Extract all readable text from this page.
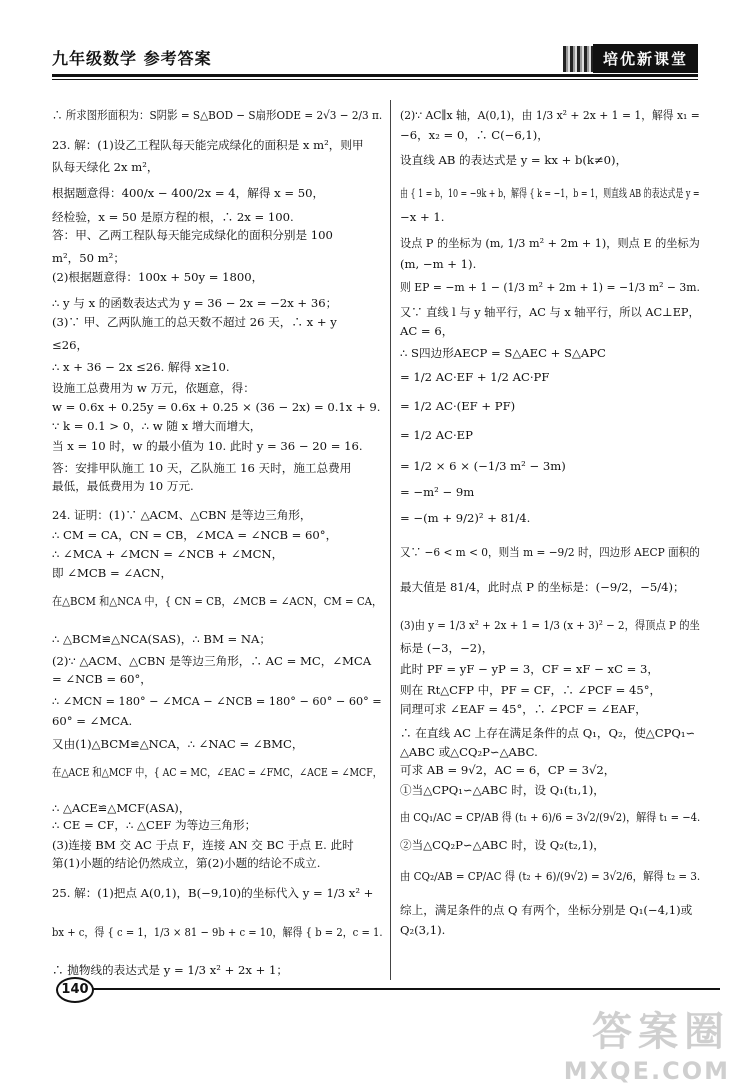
九年级数学 参考答案	培优新课堂
∴ 所求图形面积为：S阴影 = S△BOD − S扇形ODE = 2√3 − 2/3 π.
23. 解：(1)设乙工程队每天能完成绿化的面积是 x m²，则甲
队每天绿化 2x m²，
根据题意得：400/x − 400/2x = 4，解得 x = 50，
经检验，x = 50 是原方程的根，∴ 2x = 100.
答：甲、乙两工程队每天能完成绿化的面积分别是 100
m²，50 m²；
(2)根据题意得：100x + 50y = 1800，
∴ y 与 x 的函数表达式为 y = 36 − 2x = −2x + 36；
(3)∵ 甲、乙两队施工的总天数不超过 26 天，∴ x + y
≤26，
∴ x + 36 − 2x ≤26. 解得 x≥10.
设施工总费用为 w 万元，依题意，得：
w = 0.6x + 0.25y = 0.6x + 0.25 × (36 − 2x) = 0.1x + 9.
∵ k = 0.1 > 0，∴ w 随 x 增大而增大，
当 x = 10 时，w 的最小值为 10. 此时 y = 36 − 20 = 16.
答：安排甲队施工 10 天，乙队施工 16 天时，施工总费用
最低，最低费用为 10 万元.
24. 证明：(1)∵ △ACM、△CBN 是等边三角形，
∴ CM = CA，CN = CB，∠MCA = ∠NCB = 60°，
∴ ∠MCA + ∠MCN = ∠NCB + ∠MCN，
即 ∠MCB = ∠ACN，
在△BCM 和△NCA 中，{ CN = CB，∠MCB = ∠ACN，CM = CA，
∴ △BCM≌△NCA(SAS)，∴ BM = NA；
(2)∵ △ACM、△CBN 是等边三角形，∴ AC = MC，∠MCA
= ∠NCB = 60°，
∴ ∠MCN = 180° − ∠MCA − ∠NCB = 180° − 60° − 60° =
60° = ∠MCA.
又由(1)△BCM≌△NCA，∴ ∠NAC = ∠BMC，
在△ACE 和△MCF 中，{ AC = MC，∠EAC = ∠FMC，∠ACE = ∠MCF，
∴ △ACE≌△MCF(ASA)，
∴ CE = CF，∴ △CEF 为等边三角形；
(3)连接 BM 交 AC 于点 F，连接 AN 交 BC 于点 E. 此时
第(1)小题的结论仍然成立，第(2)小题的结论不成立.
25. 解：(1)把点 A(0,1)，B(−9,10)的坐标代入 y = 1/3 x² +
bx + c，得 { c = 1，1/3 × 81 − 9b + c = 10，解得 { b = 2，c = 1.
∴ 抛物线的表达式是 y = 1/3 x² + 2x + 1；
(2)∵ AC∥x 轴，A(0,1)，由 1/3 x² + 2x + 1 = 1，解得 x₁ =
−6，x₂ = 0，∴ C(−6,1)，
设直线 AB 的表达式是 y = kx + b(k≠0)，
由 { 1 = b，10 = −9k + b，解得 { k = −1，b = 1，则直线 AB 的表达式是 y =
−x + 1.
设点 P 的坐标为 (m, 1/3 m² + 2m + 1)，则点 E 的坐标为
(m, −m + 1).
则 EP = −m + 1 − (1/3 m² + 2m + 1) = −1/3 m² − 3m.
又∵ 直线 l 与 y 轴平行，AC 与 x 轴平行，所以 AC⊥EP，
AC = 6，
∴ S四边形AECP = S△AEC + S△APC
= 1/2 AC·EF + 1/2 AC·PF
= 1/2 AC·(EF + PF)
= 1/2 AC·EP
= 1/2 × 6 × (−1/3 m² − 3m)
= −m² − 9m
= −(m + 9/2)² + 81/4.
又∵ −6 < m < 0，则当 m = −9/2 时，四边形 AECP 面积的
最大值是 81/4，此时点 P 的坐标是：(−9/2，−5/4)；
(3)由 y = 1/3 x² + 2x + 1 = 1/3 (x + 3)² − 2，得顶点 P 的坐
标是 (−3，−2)，
此时 PF = yF − yP = 3，CF = xF − xC = 3，
则在 Rt△CFP 中，PF = CF，∴ ∠PCF = 45°，
同理可求 ∠EAF = 45°，∴ ∠PCF = ∠EAF，
∴ 在直线 AC 上存在满足条件的点 Q₁，Q₂，使△CPQ₁∽
△ABC 或△CQ₂P∽△ABC.
可求 AB = 9√2，AC = 6，CP = 3√2，
①当△CPQ₁∽△ABC 时，设 Q₁(t₁,1)，
由 CQ₁/AC = CP/AB 得 (t₁ + 6)/6 = 3√2/(9√2)，解得 t₁ = −4.
②当△CQ₂P∽△ABC 时，设 Q₂(t₂,1)，
由 CQ₂/AB = CP/AC 得 (t₂ + 6)/(9√2) = 3√2/6，解得 t₂ = 3.
综上，满足条件的点 Q 有两个，坐标分别是 Q₁(−4,1)或
Q₂(3,1).
140
答案圈
MXQE.COM
